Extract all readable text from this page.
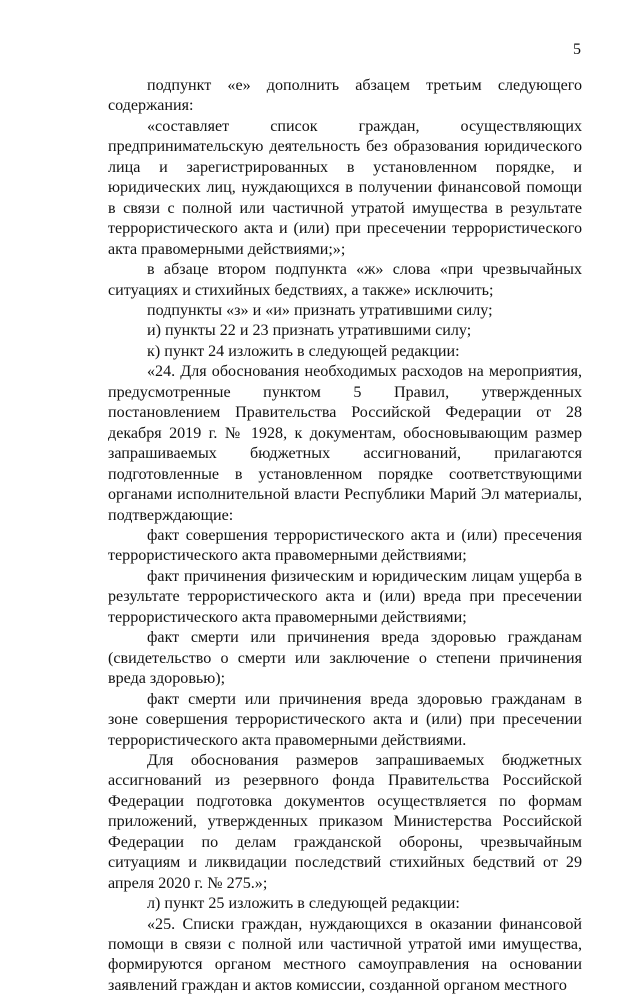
5

подпункт «е» дополнить абзацем третьим следующего содержания:

«составляет список граждан, осуществляющих предпринимательскую деятельность без образования юридического лица и зарегистрированных в установленном порядке, и юридических лиц, нуждающихся в получении финансовой помощи в связи с полной или частичной утратой имущества в результате террористического акта и (или) при пресечении террористического акта правомерными действиями;»;

в абзаце втором подпункта «ж» слова «при чрезвычайных ситуациях и стихийных бедствиях, а также» исключить;

подпункты «з» и «и» признать утратившими силу;

и) пункты 22 и 23 признать утратившими силу;

к) пункт 24 изложить в следующей редакции:

«24. Для обоснования необходимых расходов на мероприятия, предусмотренные пунктом 5 Правил, утвержденных постановлением Правительства Российской Федерации от 28 декабря 2019 г. № 1928, к документам, обосновывающим размер запрашиваемых бюджетных ассигнований, прилагаются подготовленные в установленном порядке соответствующими органами исполнительной власти Республики Марий Эл материалы, подтверждающие:

факт совершения террористического акта и (или) пресечения террористического акта правомерными действиями;

факт причинения физическим и юридическим лицам ущерба в результате террористического акта и (или) вреда при пресечении террористического акта правомерными действиями;

факт смерти или причинения вреда здоровью гражданам (свидетельство о смерти или заключение о степени причинения вреда здоровью);

факт смерти или причинения вреда здоровью гражданам в зоне совершения террористического акта и (или) при пресечении террористического акта правомерными действиями.

Для обоснования размеров запрашиваемых бюджетных ассигнований из резервного фонда Правительства Российской Федерации подготовка документов осуществляется по формам приложений, утвержденных приказом Министерства Российской Федерации по делам гражданской обороны, чрезвычайным ситуациям и ликвидации последствий стихийных бедствий от 29 апреля 2020 г. № 275.»;

л) пункт 25 изложить в следующей редакции:

«25. Списки граждан, нуждающихся в оказании финансовой помощи в связи с полной или частичной утратой ими имущества, формируются органом местного самоуправления на основании заявлений граждан и актов комиссии, созданной органом местного
